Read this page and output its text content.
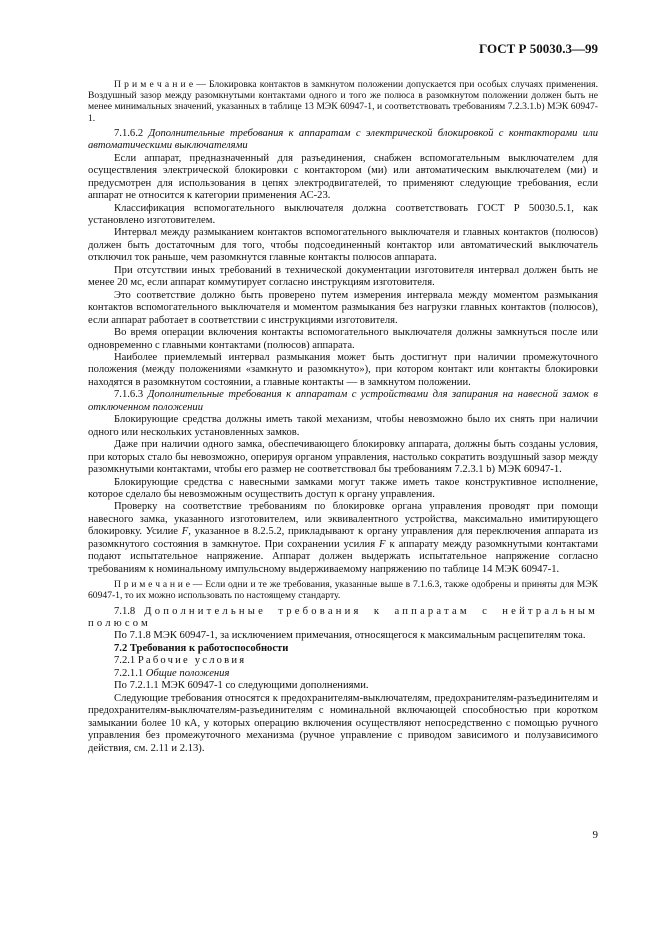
ГОСТ Р 50030.3—99

П р и м е ч а н и е — Блокировка контактов в замкнутом положении допускается при особых случаях применения. Воздушный зазор между разомкнутыми контактами одного и того же полюса в разомкнутом положении должен быть не менее минимальных значений, указанных в таблице 13 МЭК 60947-1, и соответствовать требованиям 7.2.3.1.b) МЭК 60947-1.

7.1.6.2 Дополнительные требования к аппаратам с электрической блокировкой с контакторами или автоматическими выключателями

Если аппарат, предназначенный для разъединения, снабжен вспомогательным выключателем для осуществления электрической блокировки с контактором (ми) или автоматическим выключателем (ми) и предусмотрен для использования в цепях электродвигателей, то применяют следующие требования, если аппарат не относится к категории применения АС-23.

Классификация вспомогательного выключателя должна соответствовать ГОСТ Р 50030.5.1, как установлено изготовителем.

Интервал между размыканием контактов вспомогательного выключателя и главных контактов (полюсов) должен быть достаточным для того, чтобы подсоединенный контактор или автоматический выключатель отключил ток раньше, чем разомкнутся главные контакты полюсов аппарата.

При отсутствии иных требований в технической документации изготовителя интервал должен быть не менее 20 мс, если аппарат коммутирует согласно инструкциям изготовителя.

Это соответствие должно быть проверено путем измерения интервала между моментом размыкания контактов вспомогательного выключателя и моментом размыкания без нагрузки главных контактов (полюсов), если аппарат работает в соответствии с инструкциями изготовителя.

Во время операции включения контакты вспомогательного выключателя должны замкнуться после или одновременно с главными контактами (полюсов) аппарата.

Наиболее приемлемый интервал размыкания может быть достигнут при наличии промежуточного положения (между положениями «замкнуто и разомкнуто»), при котором контакт или контакты блокировки находятся в разомкнутом состоянии, а главные контакты — в замкнутом положении.

7.1.6.3 Дополнительные требования к аппаратам с устройствами для запирания на навесной замок в отключенном положении

Блокирующие средства должны иметь такой механизм, чтобы невозможно было их снять при наличии одного или нескольких установленных замков.

Даже при наличии одного замка, обеспечивающего блокировку аппарата, должны быть созданы условия, при которых стало бы невозможно, оперируя органом управления, настолько сократить воздушный зазор между разомкнутыми контактами, чтобы его размер не соответствовал бы требованиям 7.2.3.1 b) МЭК 60947-1.

Блокирующие средства с навесными замками могут также иметь такое конструктивное исполнение, которое сделало бы невозможным осуществить доступ к органу управления.

Проверку на соответствие требованиям по блокировке органа управления проводят при помощи навесного замка, указанного изготовителем, или эквивалентного устройства, максимально имитирующего блокировку. Усилие F, указанное в 8.2.5.2, прикладывают к органу управления для переключения аппарата из разомкнутого состояния в замкнутое. При сохранении усилия F к аппарату между разомкнутыми контактами подают испытательное напряжение. Аппарат должен выдержать испытательное напряжение согласно требованиям к номинальному импульсному выдерживаемому напряжению по таблице 14 МЭК 60947-1.

П р и м е ч а н и е — Если одни и те же требования, указанные выше в 7.1.6.3, также одобрены и приняты для МЭК 60947-1, то их можно использовать по настоящему стандарту.

7.1.8 Дополнительные требования к аппаратам с нейтральным полюсом

По 7.1.8 МЭК 60947-1, за исключением примечания, относящегося к максимальным расцепителям тока.

7.2 Требования к работоспособности

7.2.1 Рабочие условия

7.2.1.1 Общие положения

По 7.2.1.1 МЭК 60947-1 со следующими дополнениями.

Следующие требования относятся к предохранителям-выключателям, предохранителям-разъединителям и предохранителям-выключателям-разъединителям с номинальной включающей способностью при коротком замыкании более 10 кА, у которых операцию включения осуществляют непосредственно с помощью ручного управления без промежуточного механизма (ручное управление с приводом зависимого и полузависимого действия, см. 2.11 и 2.13).

9
